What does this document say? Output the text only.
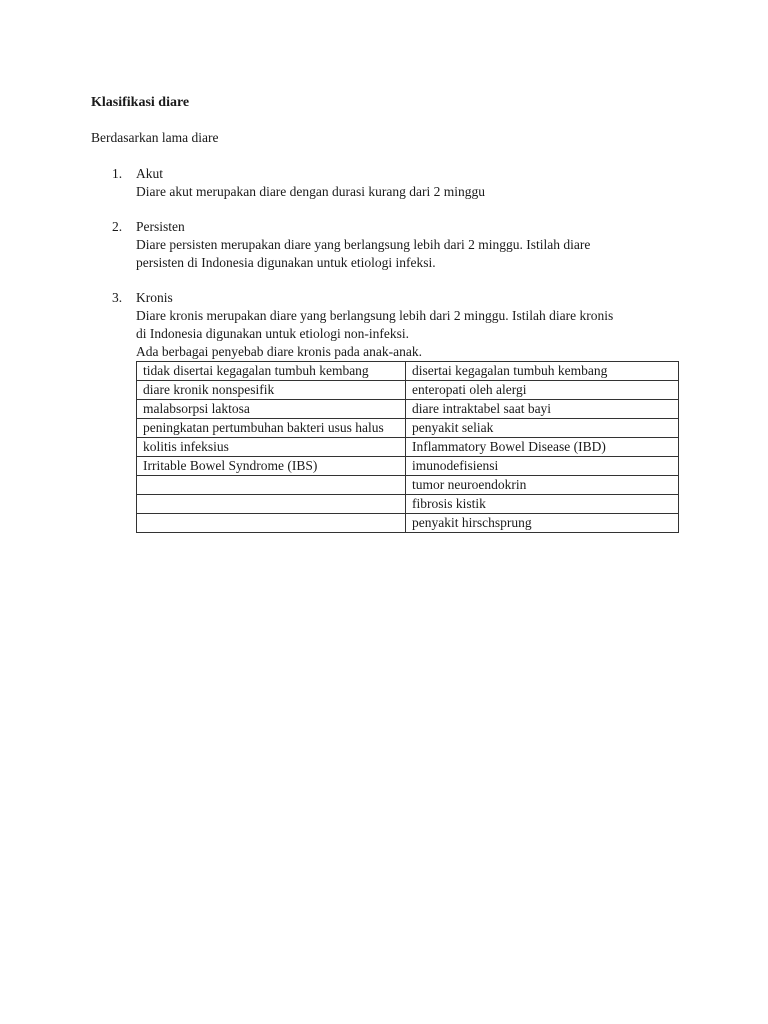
Klasifikasi diare
Berdasarkan lama diare
1.	Akut

Diare akut merupakan diare dengan durasi kurang dari 2 minggu

2.	Persisten

Diare persisten merupakan diare yang berlangsung lebih dari 2 minggu. Istilah diare

persisten di Indonesia digunakan untuk etiologi infeksi.

3.	Kronis

Diare kronis merupakan diare yang berlangsung lebih dari 2 minggu. Istilah diare kronis

di Indonesia digunakan untuk etiologi non-infeksi.

Ada berbagai penyebab diare kronis pada anak-anak.

tidak disertai kegagalan tumbuh kembang	disertai kegagalan tumbuh kembang
diare kronik nonspesifik	enteropati oleh alergi
malabsorpsi laktosa	diare intraktabel saat bayi
peningkatan pertumbuhan bakteri usus halus	penyakit seliak
kolitis infeksius	Inflammatory Bowel Disease (IBD)
Irritable Bowel Syndrome (IBS)	imunodefisiensi
	tumor neuroendokrin
	fibrosis kistik
	penyakit hirschsprung
